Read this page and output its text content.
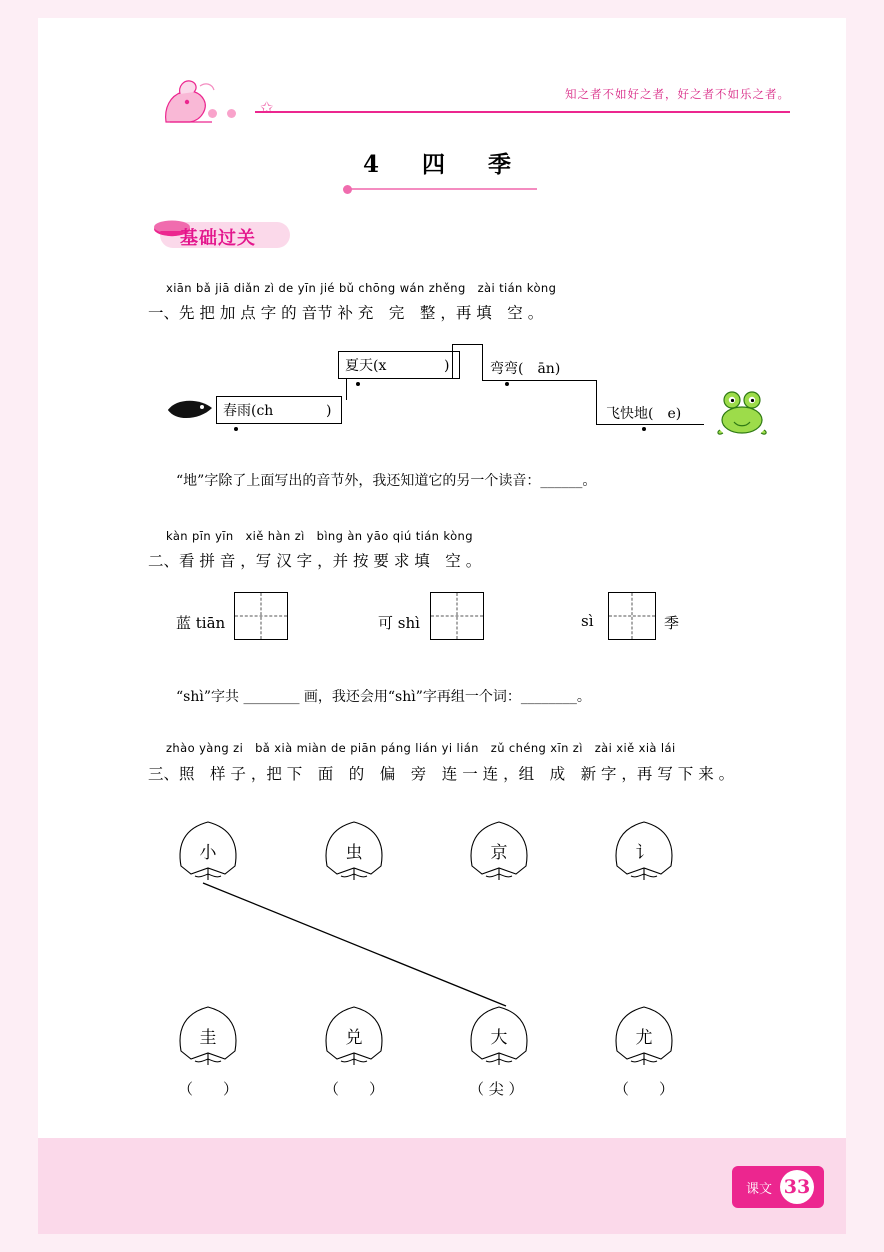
✩
知之者不如好之者，好之者不如乐之者。
4　四　季
基础过关
xiān bǎ jiā diǎn zì de yīn jié bǔ chōng wán zhěng　zài tián kòng
一、先 把 加 点 字 的 音节 补 充　完　整 ，再 填　空 。
夏天(x	)	弯弯(　ān)
春雨(ch	)	飞快地(　e)
“地”字除了上面写出的音节外，我还知道它的另一个读音：______。
kàn pīn yīn　xiě hàn zì　bìng àn yāo qiú tián kòng
二、看 拼 音 ，写 汉 字 ，并 按 要 求 填　空 。
蓝 tiān	可 shì	sì	季
“shì”字共 ________ 画，我还会用“shì”字再组一个词：________。
zhào yàng zi　bǎ xià miàn de piān páng lián yi lián　zǔ chéng xīn zì　zài xiě xià lái
三、照　样 子 ，把 下　面　的　偏　旁　连 一 连 ，组　成　新 字 ，再 写 下 来 。
小	虫	京	讠
圭	兑	大	尤
（　　）	（　　）	（ 尖 ）	（　　）
课文 33
